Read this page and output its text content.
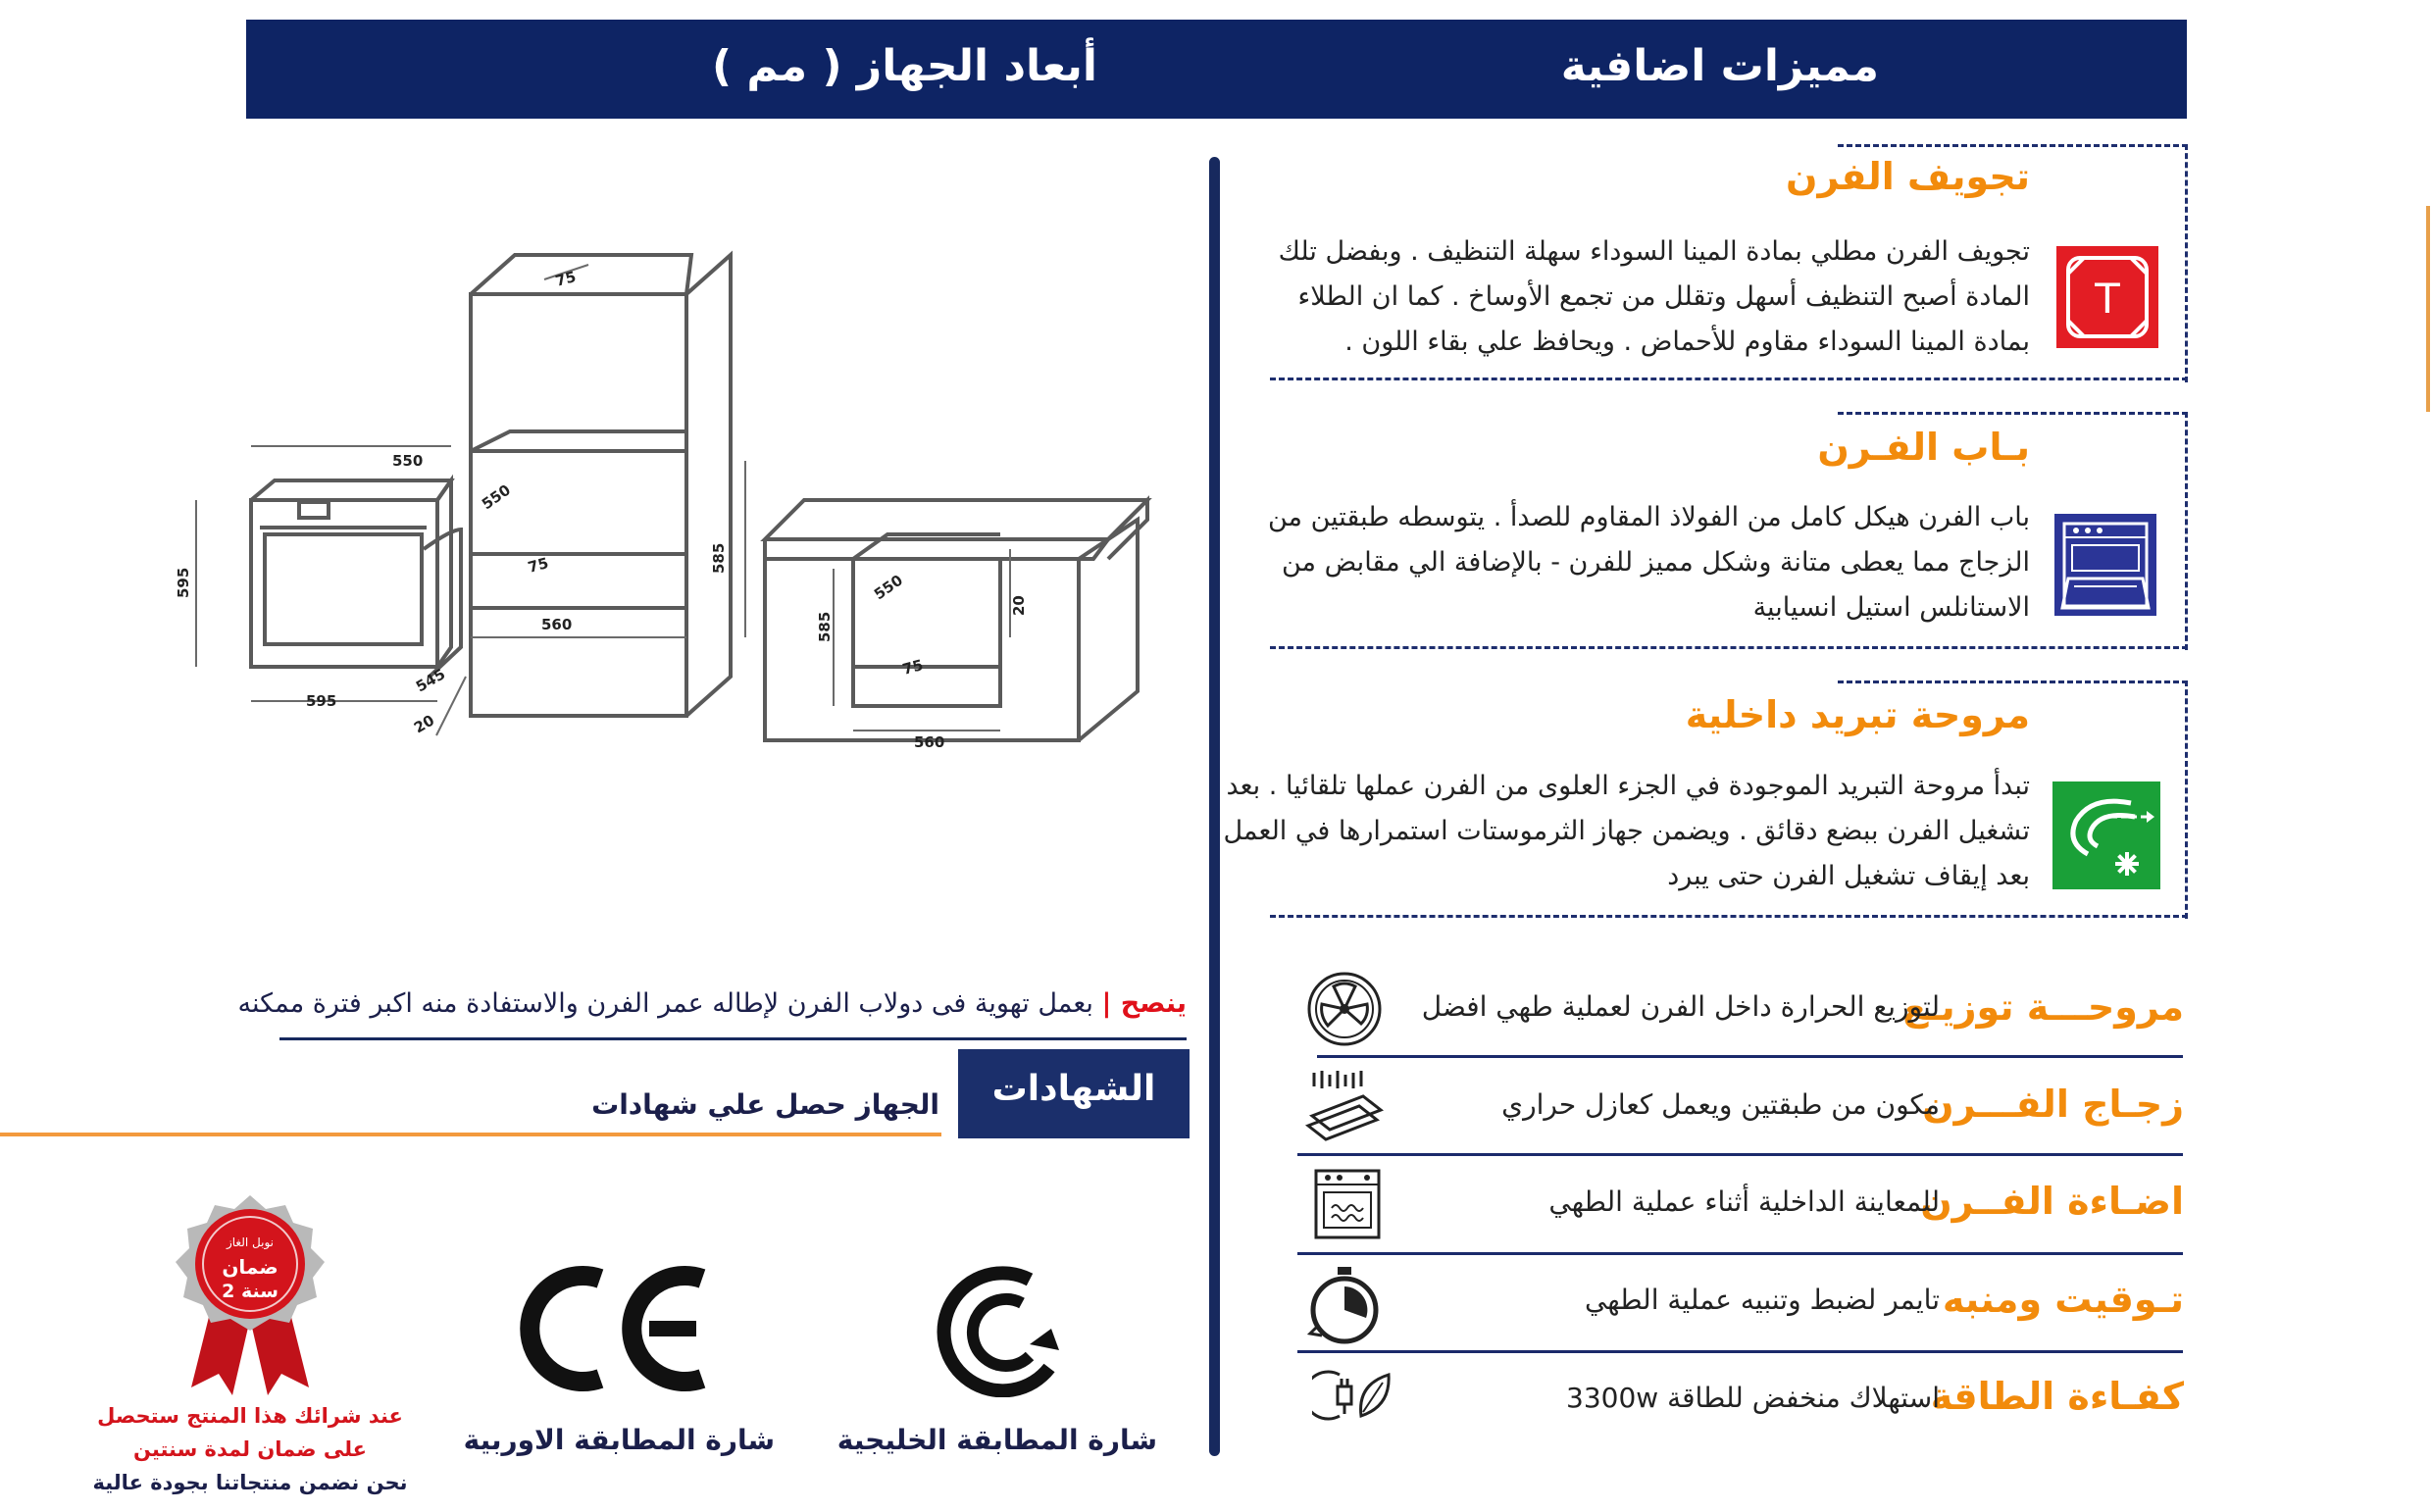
مميزات اضافية
أبعاد الجهاز ( مم )
تجويف الفرن
تجويف الفرن مطلي بمادة المينا السوداء سهلة التنظيف . وبفضل تلك
المادة أصبح التنظيف أسهل وتقلل من تجمع الأوساخ . كما ان الطلاء
بمادة المينا السوداء مقاوم للأحماض . ويحافظ علي بقاء اللون .
T
بـاب الفـرن
باب الفرن هيكل كامل من الفولاذ المقاوم للصدأ . يتوسطه طبقتين من
الزجاج مما يعطى متانة وشكل مميز للفرن - بالإضافة الي مقابض من
الاستانلس استيل انسيابية
مروحة تبريد داخلية
تبدأ مروحة التبريد الموجودة في الجزء العلوى من الفرن عملها تلقائيا . بعد
تشغيل الفرن ببضع دقائق . ويضمن جهاز الثرموستات استمرارها في العمل
بعد إيقاف تشغيل الفرن حتى يبرد
مروحـــة توزيـع
لتوزيع الحرارة داخل الفرن لعملية طهي افضل
زجـاج الفـــرن
مكون من طبقتين ويعمل كعازل حراري
اضـاءة الفــرن
للمعاينة الداخلية أثناء عملية الطهي
تـوقيت ومنبه
تايمر لضبط وتنبيه عملية الطهي
كفـاءة الطاقة
استهلاك منخفض للطاقة 3300w
550
595
595
545
20
75
550
75	585
560
550
585
75
20
560
ينصح | بعمل تهوية فى دولاب الفرن لإطاله عمر الفرن والاستفادة منه اكبر فترة ممكنه
الشهادات
الجهاز حصل علي شهادات
شارة المطابقة الخليجية
شارة المطابقة الاوربية
نوبل الغاز
ضمان
2 سنة
عند شرائك هذا المنتج ستحصل
على ضمان لمدة سنتين
نحن نضمن منتجاتنا بجودة عالية
